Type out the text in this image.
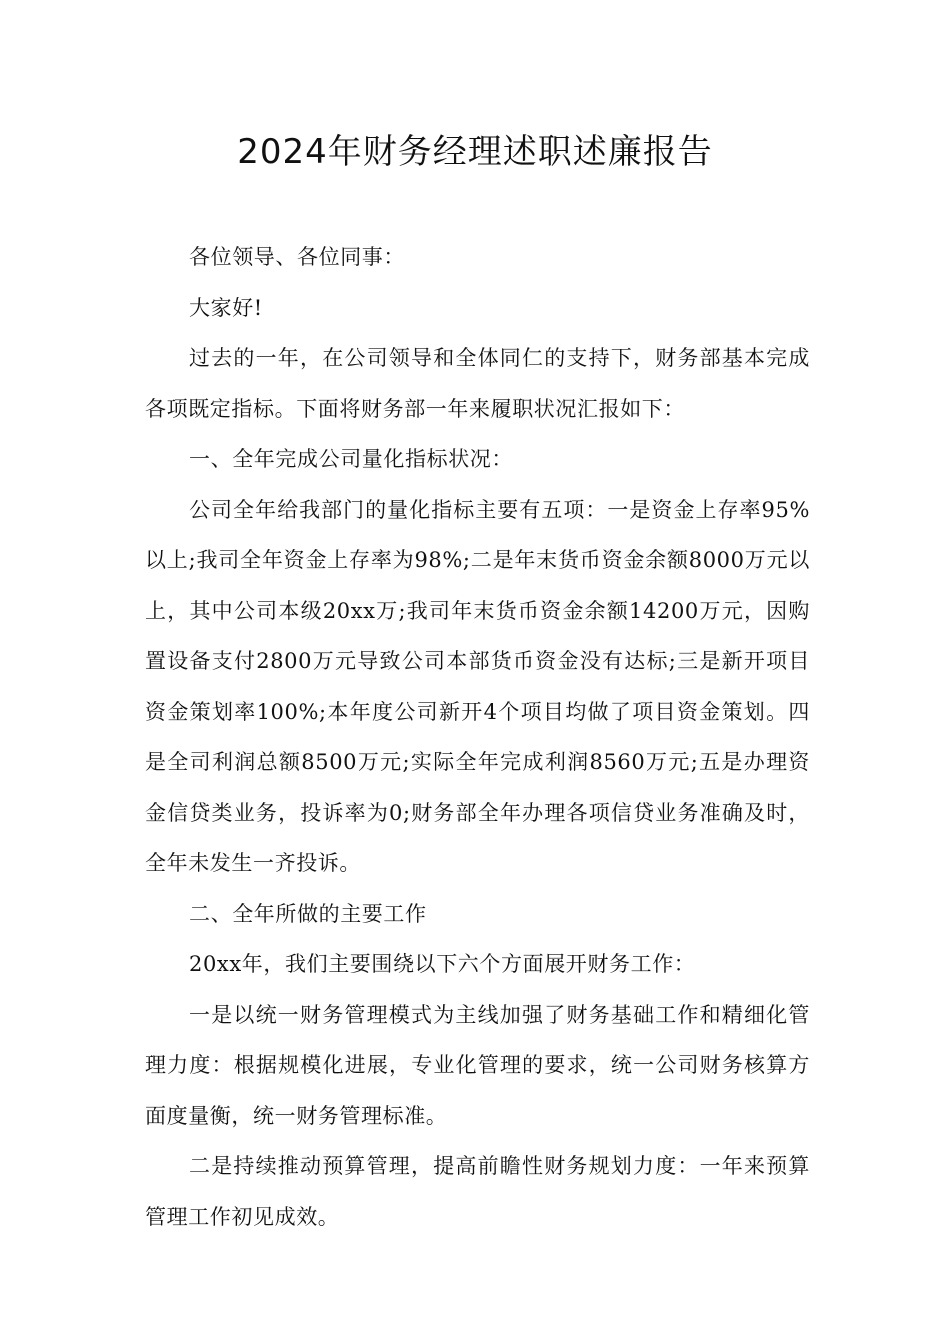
2024年财务经理述职述廉报告

各位领导、各位同事：

大家好!

过去的一年，在公司领导和全体同仁的支持下，财务部基本完成各项既定指标。下面将财务部一年来履职状况汇报如下：

一、全年完成公司量化指标状况：

公司全年给我部门的量化指标主要有五项：一是资金上存率95%以上;我司全年资金上存率为98%;二是年末货币资金余额8000万元以上，其中公司本级20xx万;我司年末货币资金余额14200万元，因购置设备支付2800万元导致公司本部货币资金没有达标;三是新开项目资金策划率100%;本年度公司新开4个项目均做了项目资金策划。四是全司利润总额8500万元;实际全年完成利润8560万元;五是办理资金信贷类业务，投诉率为0;财务部全年办理各项信贷业务准确及时，全年未发生一齐投诉。

二、全年所做的主要工作

20xx年，我们主要围绕以下六个方面展开财务工作：

一是以统一财务管理模式为主线加强了财务基础工作和精细化管理力度：根据规模化进展，专业化管理的要求，统一公司财务核算方面度量衡，统一财务管理标准。

二是持续推动预算管理，提高前瞻性财务规划力度：一年来预算管理工作初见成效。
